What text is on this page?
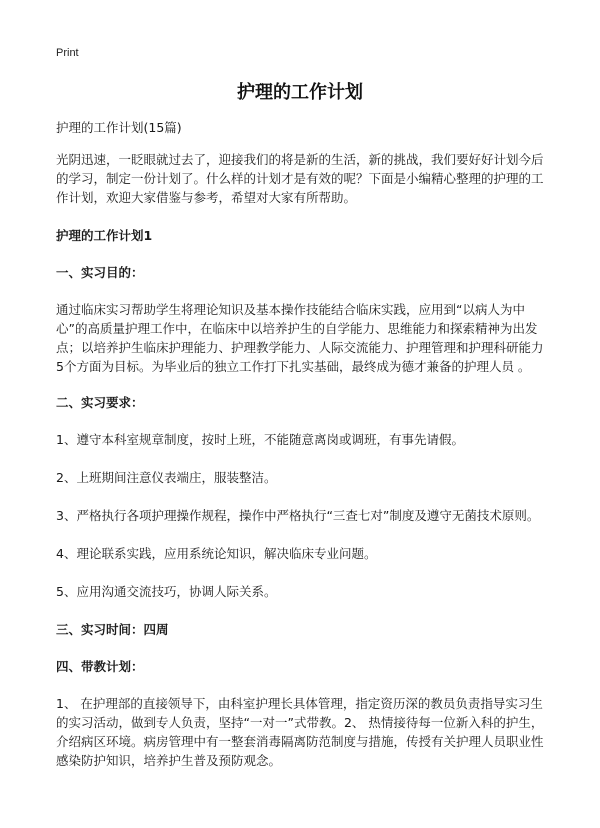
Print
护理的工作计划

护理的工作计划(15篇)

光阴迅速，一眨眼就过去了，迎接我们的将是新的生活，新的挑战，我们要好好计划今后的学习，制定一份计划了。什么样的计划才是有效的呢？下面是小编精心整理的护理的工作计划，欢迎大家借鉴与参考，希望对大家有所帮助。

护理的工作计划1

一、实习目的：

通过临床实习帮助学生将理论知识及基本操作技能结合临床实践，应用到“以病人为中心”的高质量护理工作中，在临床中以培养护生的自学能力、思维能力和探索精神为出发点；以培养护生临床护理能力、护理教学能力、人际交流能力、护理管理和护理科研能力5个方面为目标。为毕业后的独立工作打下扎实基础，最终成为德才兼备的护理人员 。

二、实习要求：

1、遵守本科室规章制度，按时上班，不能随意离岗或调班，有事先请假。

2、上班期间注意仪表端庄，服装整洁。

3、严格执行各项护理操作规程，操作中严格执行“三查七对”制度及遵守无菌技术原则。

4、理论联系实践，应用系统论知识，解决临床专业问题。

5、应用沟通交流技巧，协调人际关系。

三、实习时间：四周

四、带教计划：

1、 在护理部的直接领导下，由科室护理长具体管理，指定资历深的教员负责指导实习生的实习活动，做到专人负责，坚持“一对一”式带教。2、 热情接待每一位新入科的护生，介绍病区环境。病房管理中有一整套消毒隔离防范制度与措施，传授有关护理人员职业性感染防护知识，培养护生普及预防观念。
